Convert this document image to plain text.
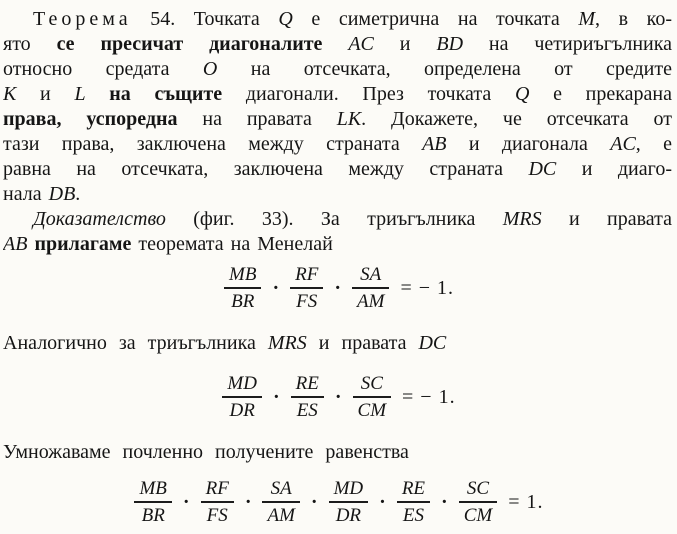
Теорема 54. Точката Q е симетрична на точката M, в ко-
ято се пресичат диагоналите AC и BD на четириъгълника
относно средата O на отсечката, определена от средите
K и L на същите диагонали. През точката Q е прекарана
права, успоредна на правата LK. Докажете, че отсечката от
тази права, заключена между страната AB и диагонала AC, е
равна на отсечката, заключена между страната DC и диаго-
нала DB.
Доказателство (фиг. 33). За триъгълника MRS и правата
AB прилагаме теоремата на Менелай
$\frac{MB}{BR} \cdot \frac{RF}{FS} \cdot \frac{SA}{AM}$ = − 1.
Аналогично за триъгълника MRS и правата DC
$\frac{MD}{DR} \cdot \frac{RE}{ES} \cdot \frac{SC}{CM}$ = − 1.
Умножаваме почленно получените равенства
$\frac{MB}{BR} \cdot \frac{RF}{FS} \cdot \frac{SA}{AM} \cdot \frac{MD}{DR} \cdot \frac{RE}{ES} \cdot \frac{SC}{CM} = 1$.
